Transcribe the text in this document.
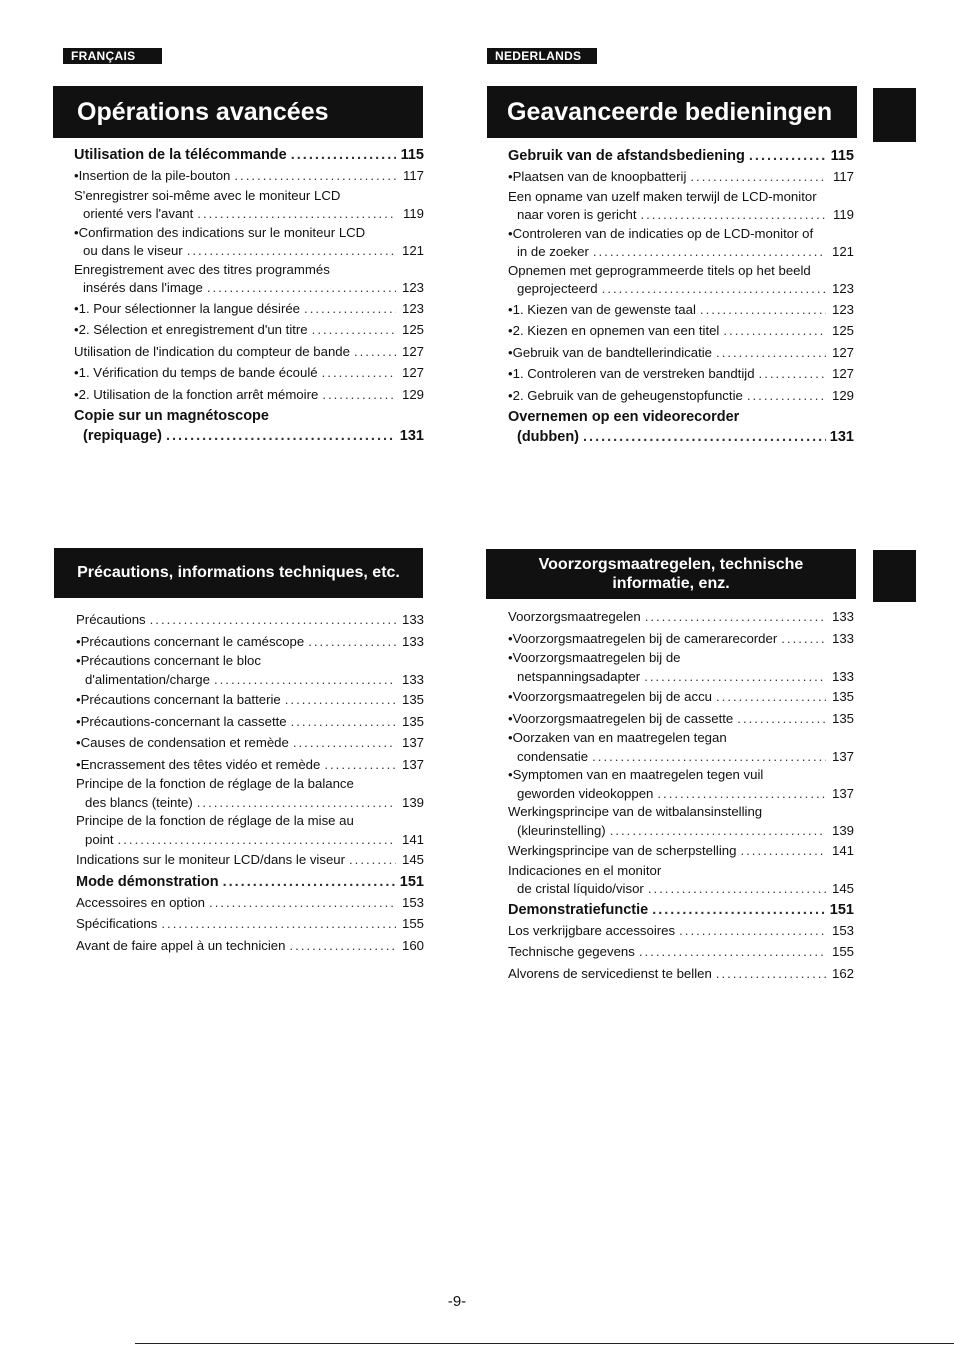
FRANÇAIS
Opérations avancées
Utilisation de la télécommande .....	115
•Insertion de la pile-bouton .....	117
S'enregistrer soi-même avec le moniteur LCD
orienté vers l'avant .....	119
•Confirmation des indications sur le moniteur LCD
ou dans le viseur .....	121
Enregistrement avec des titres programmés
insérés dans l'image .....	123
•1. Pour sélectionner la langue désirée .....	123
•2. Sélection et enregistrement d'un titre .....	125
Utilisation de l'indication du compteur de bande .....	127
•1. Vérification du temps de bande écoulé .....	127
•2. Utilisation de la fonction arrêt mémoire .....	129
Copie sur un magnétoscope
(repiquage) .....	131
Précautions, informations techniques, etc.
Précautions .....	133
•Précautions concernant le caméscope .....	133
•Précautions concernant le bloc
d'alimentation/charge .....	133
•Précautions concernant la batterie .....	135
•Précautions-concernant la cassette .....	135
•Causes de condensation et remède .....	137
•Encrassement des têtes vidéo et remède .....	137
Principe de la fonction de réglage de la balance
des blancs (teinte) .....	139
Principe de la fonction de réglage de la mise au
point .....	141
Indications sur le moniteur LCD/dans le viseur .....	145
Mode démonstration .....	151
Accessoires en option .....	153
Spécifications .....	155
Avant de faire appel à un technicien .....	160
NEDERLANDS
Geavanceerde bedieningen
Gebruik van de afstandsbediening .....	115
•Plaatsen van de knoopbatterij .....	117
Een opname van uzelf maken terwijl de LCD-monitor
naar voren is gericht .....	119
•Controleren van de indicaties op de LCD-monitor of
in de zoeker .....	121
Opnemen met geprogrammeerde titels op het beeld
geprojecteerd .....	123
•1. Kiezen van de gewenste taal .....	123
•2. Kiezen en opnemen van een titel .....	125
•Gebruik van de bandtellerindicatie .....	127
•1. Controleren van de verstreken bandtijd .....	127
•2. Gebruik van de geheugenstopfunctie .....	129
Overnemen op een videorecorder
(dubben) .....	131
Voorzorgsmaatregelen, technische
informatie, enz.
Voorzorgsmaatregelen .....	133
•Voorzorgsmaatregelen bij de camerarecorder .....	133
•Voorzorgsmaatregelen bij de
netspanningsadapter .....	133
•Voorzorgsmaatregelen bij de accu .....	135
•Voorzorgsmaatregelen bij de cassette .....	135
•Oorzaken van en maatregelen tegan
condensatie .....	137
•Symptomen van en maatregelen tegen vuil
geworden videokoppen .....	137
Werkingsprincipe van de witbalansinstelling
(kleurinstelling) .....	139
Werkingsprincipe van de scherpstelling .....	141
Indicaciones en el monitor
de cristal líquido/visor .....	145
Demonstratiefunctie .....	151
Los verkrijgbare accessoires .....	153
Technische gegevens .....	155
Alvorens de servicedienst te bellen .....	162
-9-
